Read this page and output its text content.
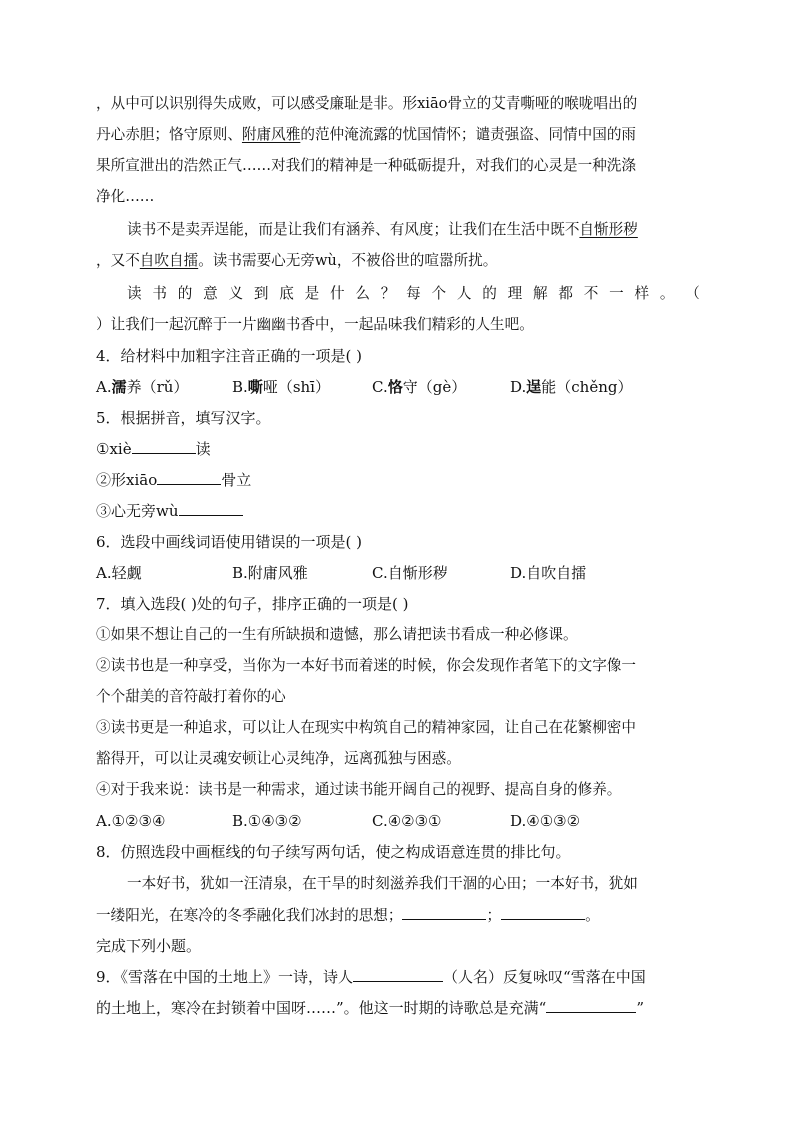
，从中可以识别得失成败，可以感受廉耻是非。形xiāo骨立的艾青嘶哑的喉咙唱出的
丹心赤胆；恪守原则、附庸风雅的范仲淹流露的忧国情怀；谴责强盗、同情中国的雨
果所宣泄出的浩然正气……对我们的精神是一种砥砺提升，对我们的心灵是一种洗涤
净化……
读书不是卖弄逞能，而是让我们有涵养、有风度；让我们在生活中既不自惭形秽
，又不自吹自擂。读书需要心无旁wù，不被俗世的喧嚣所扰。
读 书 的 意 义 到 底 是 什 么 ？ 每 个 人 的 理 解 都 不 一 样 。 （
）让我们一起沉醉于一片幽幽书香中，一起品味我们精彩的人生吧。
4．给材料中加粗字注音正确的一项是( )
A.濡养（rǔ）	B.嘶哑（shī）	C.恪守（gè）	D.逞能（chěng）
5．根据拼音，填写汉字。
①xiè	读
②形xiāo	骨立
③心无旁wù
6．选段中画线词语使用错误的一项是( )
A.轻觑	B.附庸风雅	C.自惭形秽	D.自吹自擂
7．填入选段( )处的句子，排序正确的一项是( )
①如果不想让自己的一生有所缺损和遗憾，那么请把读书看成一种必修课。
②读书也是一种享受，当你为一本好书而着迷的时候，你会发现作者笔下的文字像一
个个甜美的音符敲打着你的心
③读书更是一种追求，可以让人在现实中构筑自己的精神家园，让自己在花繁柳密中
豁得开，可以让灵魂安顿让心灵纯净，远离孤独与困惑。
④对于我来说：读书是一种需求，通过读书能开阔自己的视野、提高自身的修养。
A.①②③④	B.①④③②	C.④②③①	D.④①③②
8．仿照选段中画框线的句子续写两句话，使之构成语意连贯的排比句。
一本好书，犹如一汪清泉，在干旱的时刻滋养我们干涸的心田；一本好书，犹如
一缕阳光，在寒冷的冬季融化我们冰封的思想；	；	。
完成下列小题。
9．《雪落在中国的土地上》一诗，诗人	（人名）反复咏叹“雪落在中国
的土地上，寒冷在封锁着中国呀……”。他这一时期的诗歌总是充满“	”
